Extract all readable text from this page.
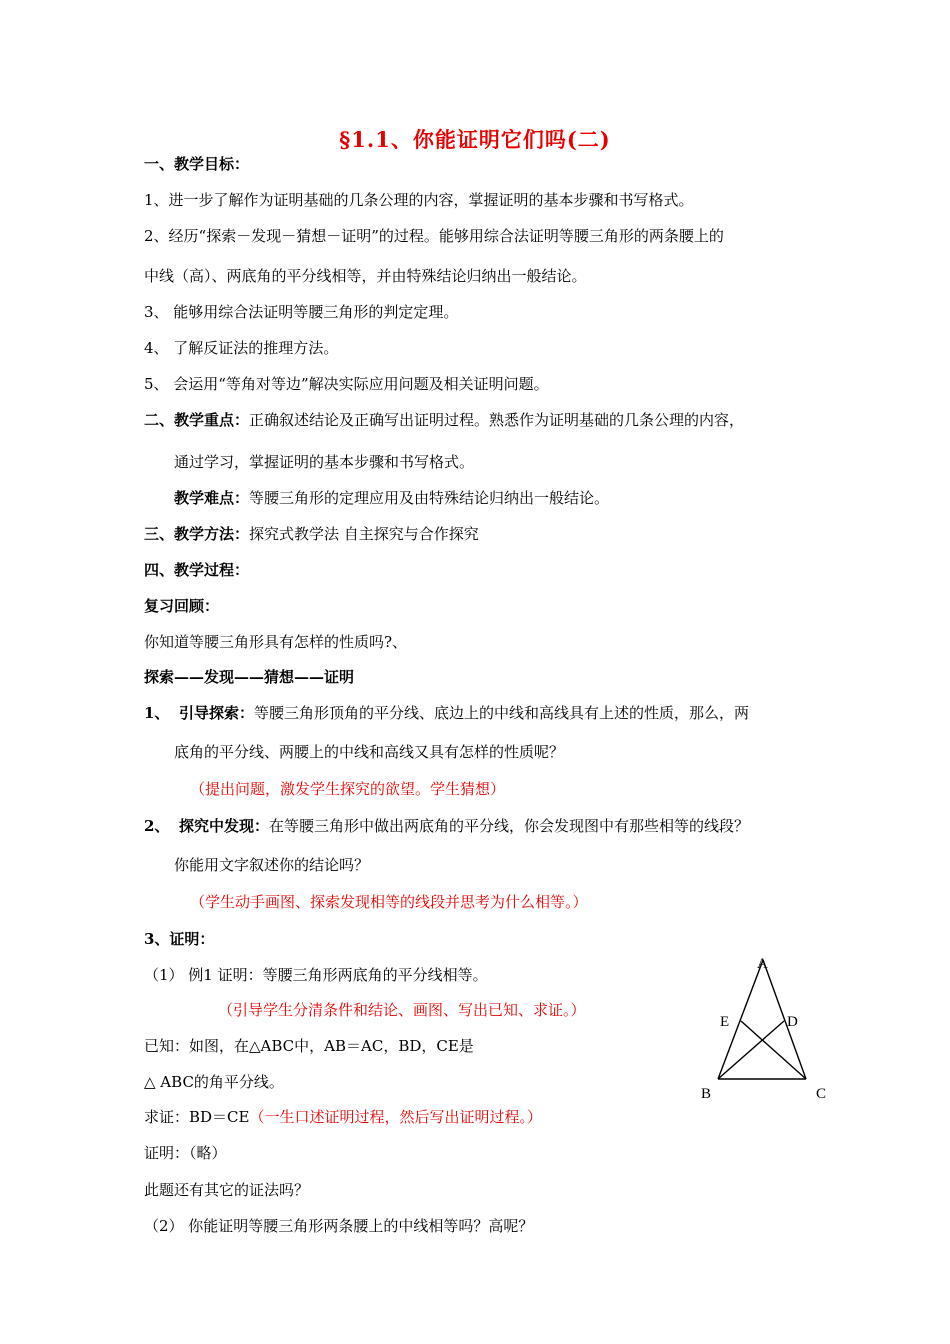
§1.1、你能证明它们吗(二)
一、教学目标：
1、进一步了解作为证明基础的几条公理的内容，掌握证明的基本步骤和书写格式。
2、经历“探索－发现－猜想－证明”的过程。能够用综合法证明等腰三角形的两条腰上的
中线（高）、两底角的平分线相等，并由特殊结论归纳出一般结论。
3、 能够用综合法证明等腰三角形的判定定理。
4、 了解反证法的推理方法。
5、 会运用“等角对等边”解决实际应用问题及相关证明问题。
二、教学重点：正确叙述结论及正确写出证明过程。熟悉作为证明基础的几条公理的内容，
通过学习，掌握证明的基本步骤和书写格式。
教学难点：等腰三角形的定理应用及由特殊结论归纳出一般结论。
三、教学方法：探究式教学法 自主探究与合作探究
四、教学过程：
复习回顾：
你知道等腰三角形具有怎样的性质吗?、
探索——发现——猜想——证明
1、 引导探索：等腰三角形顶角的平分线、底边上的中线和高线具有上述的性质，那么，两
底角的平分线、两腰上的中线和高线又具有怎样的性质呢？
（提出问题，激发学生探究的欲望。学生猜想）
2、 探究中发现：在等腰三角形中做出两底角的平分线，你会发现图中有那些相等的线段？
你能用文字叙述你的结论吗？
（学生动手画图、探索发现相等的线段并思考为什么相等。）
3、证明：
（1） 例1 证明：等腰三角形两底角的平分线相等。
（引导学生分清条件和结论、画图、写出已知、求证。）
已知：如图，在△ABC中，AB＝AC，BD，CE是
△ ABC的角平分线。
求证：BD＝CE（一生口述证明过程，然后写出证明过程。）
证明：（略）
此题还有其它的证法吗？
（2） 你能证明等腰三角形两条腰上的中线相等吗？高呢？
A
E	D
B	C
